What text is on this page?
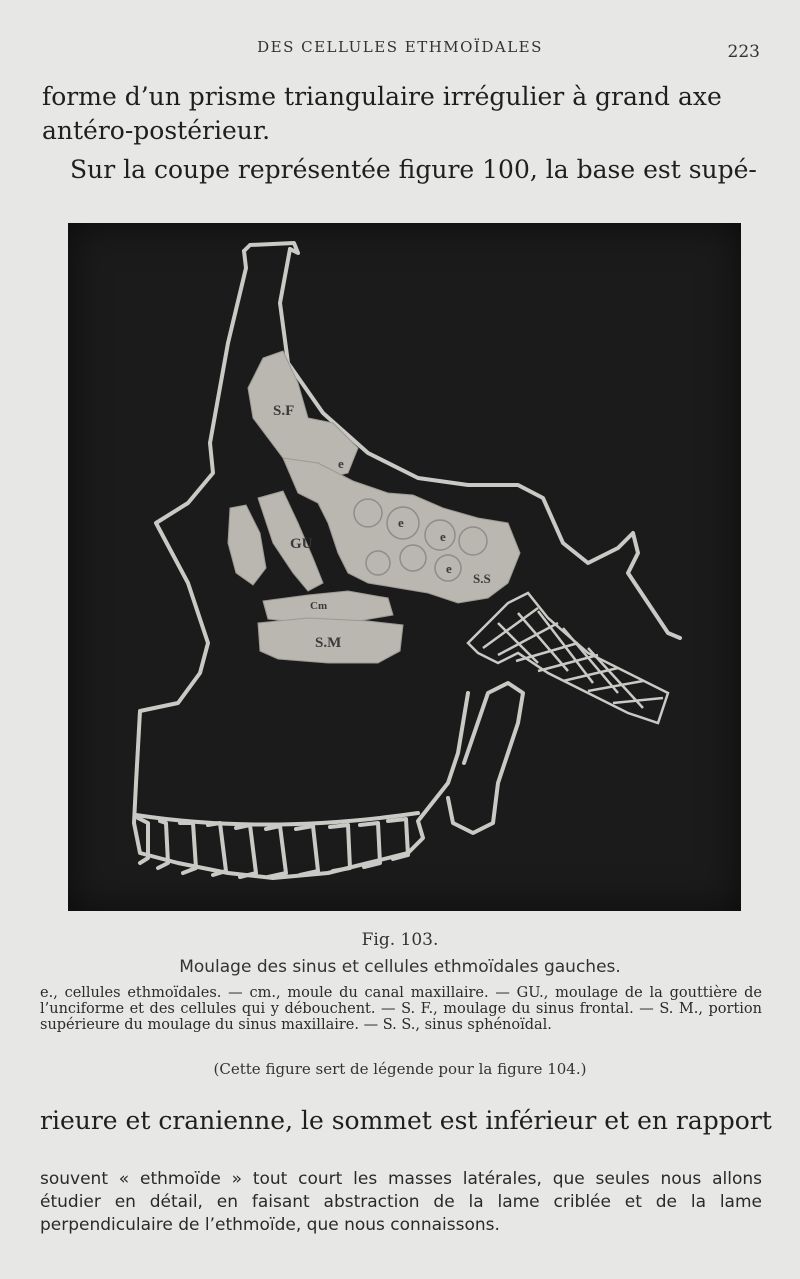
DES CELLULES ETHMOÏDALES	223
forme d’un prisme triangulaire irrégulier à grand axe
antéro-postérieur.
Sur la coupe représentée figure 100, la base est supé-
S.F
GU
Cm
S.M
S.S
e
e
e
e
Fig. 103.
Moulage des sinus et cellules ethmoïdales gauches.
e., cellules ethmoïdales. — cm., moule du canal maxillaire. — GU., moulage de la gouttière de l’unciforme et des cellules qui y débouchent. — S. F., moulage du sinus frontal. — S. M., portion supérieure du moulage du sinus maxillaire. — S. S., sinus sphénoïdal.
(Cette figure sert de légende pour la figure 104.)
rieure et cranienne, le sommet est inférieur et en rapport
souvent « ethmoïde » tout court les masses latérales, que seules nous allons étudier en détail, en faisant abstraction de la lame criblée et de la lame perpendiculaire de l’ethmoïde, que nous connaissons.
